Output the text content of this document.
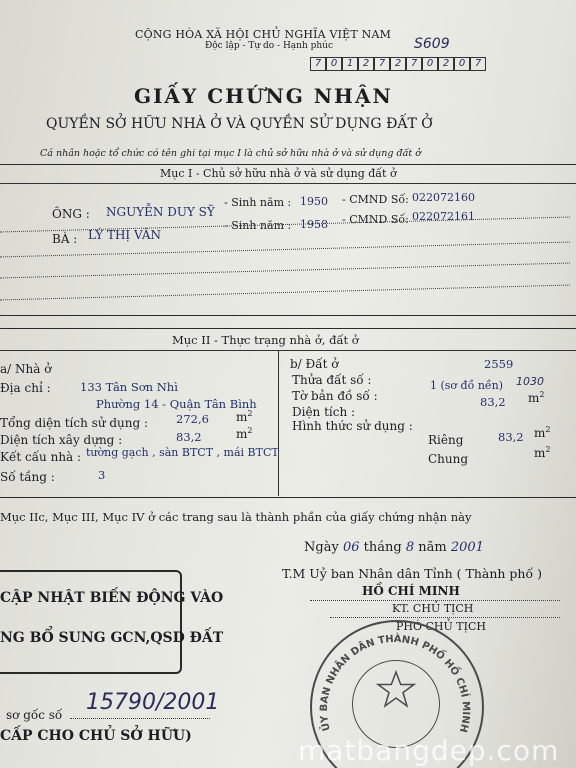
CỘNG HÒA XÃ HỘI CHỦ NGHĨA VIỆT NAM
Độc lập - Tự do - Hạnh phúc	S609
7 0 1 2 7 2 7 0 2 0 7
GIẤY CHỨNG NHẬN
QUYỀN SỞ HỮU NHÀ Ở VÀ QUYỀN SỬ DỤNG ĐẤT Ở
Cá nhân hoặc tổ chức có tên ghi tại mục I là chủ sở hữu nhà ở và sử dụng đất ở
Mục I - Chủ sở hữu nhà ở và sử dụng đất ở
ÔNG : NGUYỄN DUY SỸ
- Sinh năm : 1950 - CMND Số: 022072160
BÀ : LÝ THỊ VÂN
- Sinh năm : 1958 - CMND Số: 022072161
Mục II - Thực trạng nhà ở, đất ở
a/ Nhà ở
Địa chỉ :	133 Tân Sơn Nhì
Phường 14 - Quận Tân Bình
Tổng diện tích sử dụng : 272,6 $m^2$
Diện tích xây dựng :	83,2	$m^2$
Kết cấu nhà : tường gạch , sàn BTCT , mái BTCT
Số tầng :	3
b/ Đất ở
Thửa đất số :
2559
Tờ bản đồ số :
1 (sơ đồ nền) 1030
Diện tích :
83,2 $m^2$
Hình thức sử dụng :
Riêng	83,2 $m^2$
Chung	$m^2$
Mục IIc, Mục III, Mục IV ở các trang sau là thành phần của giấy chứng nhận này
Ngày 06 tháng 8 năm 2001
T.M Uỷ ban Nhân dân Tỉnh ( Thành phố )
HỒ CHÍ MINH
KT. CHỦ TỊCH
PHÓ CHỦ TỊCH
CẬP NHẬT BIẾN ĐỘNG VÀO
NG BỔ SUNG GCN,QSD ĐẤT
sơ gốc số 15790/2001
CẤP CHO CHỦ SỞ HỮU)
ỦY BAN NHÂN DÂN THÀNH PHỐ HỒ CHÍ MINH
matbangdep.com
